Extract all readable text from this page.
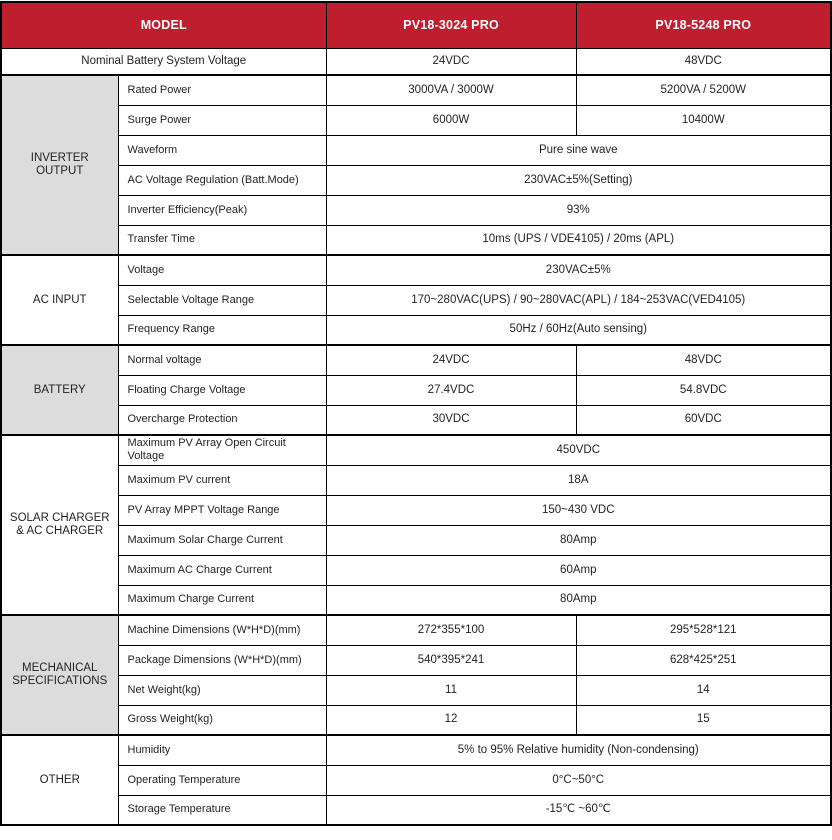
MODEL		PV18-3024 PRO	PV18-5248 PRO
Nominal Battery System Voltage		24VDC	48VDC
INVERTER OUTPUT	Rated Power	3000VA / 3000W	5200VA / 5200W
	Surge Power	6000W	10400W
	Waveform	Pure sine wave	
	AC Voltage Regulation (Batt.Mode)	230VAC±5%(Setting)	
	Inverter Efficiency(Peak)	93%	
	Transfer Time	10ms (UPS / VDE4105) / 20ms (APL)	
AC INPUT	Voltage	230VAC±5%	
	Selectable Voltage Range	170~280VAC(UPS) / 90~280VAC(APL) / 184~253VAC(VED4105)	
	Frequency Range	50Hz / 60Hz(Auto sensing)	
BATTERY	Normal voltage	24VDC	48VDC
	Floating Charge Voltage	27.4VDC	54.8VDC
	Overcharge Protection	30VDC	60VDC
SOLAR CHARGER & AC CHARGER	Maximum PV Array Open Circuit Voltage	450VDC	
	Maximum PV current	18A	
	PV Array MPPT Voltage Range	150~430 VDC	
	Maximum Solar Charge Current	80Amp	
	Maximum AC Charge Current	60Amp	
	Maximum Charge Current	80Amp	
MECHANICAL SPECIFICATIONS	Machine Dimensions (W*H*D)(mm)	272*355*100	295*528*121
	Package Dimensions (W*H*D)(mm)	540*395*241	628*425*251
	Net Weight(kg)	11	14
	Gross Weight(kg)	12	15
OTHER	Humidity	5% to 95% Relative humidity (Non-condensing)	
	Operating Temperature	0°C~50°C	
	Storage Temperature	-15℃ ~60℃	
